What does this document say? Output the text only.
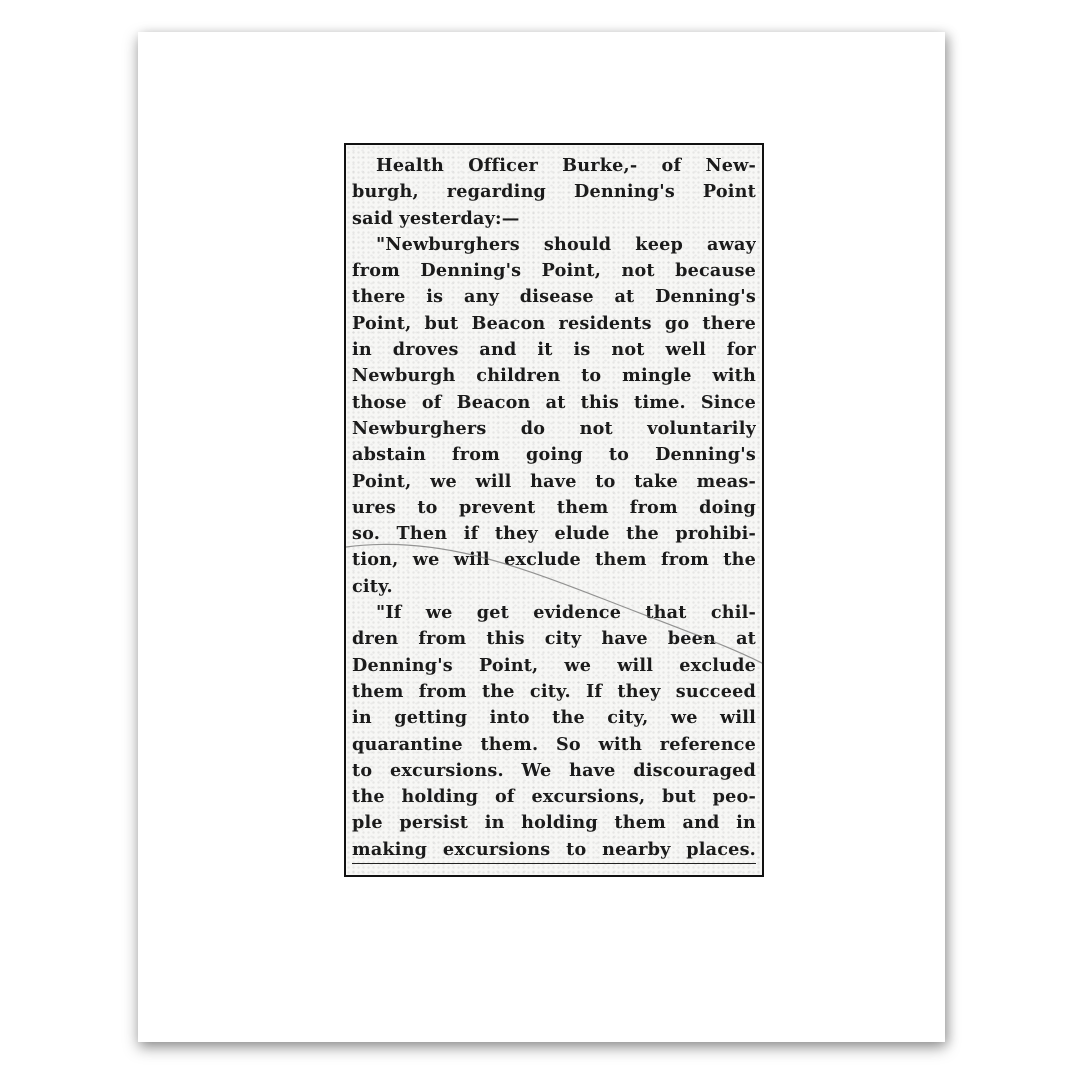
Health Officer Burke,- of New-
burgh, regarding Denning's Point
said yesterday:—
"Newburghers should keep away
from Denning's Point, not because
there is any disease at Denning's
Point, but Beacon residents go there
in droves and it is not well for
Newburgh children to mingle with
those of Beacon at this time. Since
Newburghers do not voluntarily
abstain from going to Denning's
Point, we will have to take meas-
ures to prevent them from doing
so. Then if they elude the prohibi-
tion, we will exclude them from the
city.
"If we get evidence that chil-
dren from this city have been at
Denning's Point, we will exclude
them from the city. If they succeed
in getting into the city, we will
quarantine them. So with reference
to excursions. We have discouraged
the holding of excursions, but peo-
ple persist in holding them and in
making excursions to nearby places.
